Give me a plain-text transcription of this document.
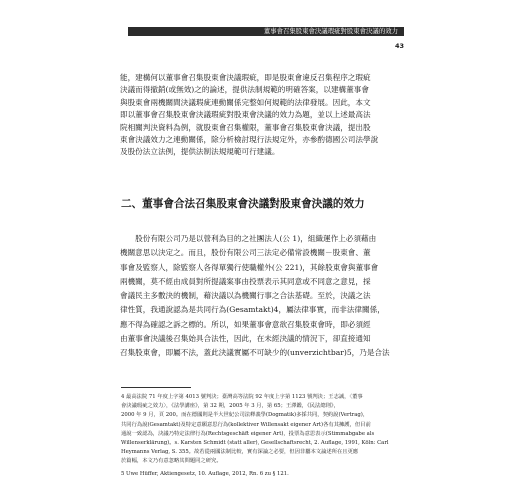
董事會召集股東會決議瑕疵對股東會決議的效力
43
能，建構何以董事會召集股東會決議瑕疵，即是股東會違反召集程序之瑕疵
決議而得撤銷(或無效)之的論述，提供法制規範的明確答案，以建構董事會
與股東會兩機關間決議瑕疵連動關係完整如何規範的法律發展。因此，本文
即以董事會召集股東會決議瑕疵對股東會決議的效力為題，並以上述最高法
院相關判決資料為例，就股東會召集權限，董事會召集股東會決議，提出股
東會決議效力之連動關係，除分析檢討現行法規定外，亦參酌德國公司法學說
及股份法立法例，提供法制法規規範可行建議。
二、董事會合法召集股東會決議對股東會決議的效力
　　股份有限公司乃是以營利為目的之社團法人(公 1)，組織運作上必須藉由
機關意思以決定之。而且，股份有限公司三法定必備常設機關－股東會、董
事會及監察人，除監察人各得單獨行使職權外(公 221)，其餘股東會與董事會
兩機關，莫不經由成員對所提議案事由投票表示其同意或不同意之意見，採
會議民主多數決的機制，藉決議以為機關行事之合法基礎。至於，決議之法
律性質，我通說認為是共同行為(Gesamtakt)4，屬法律事實，而非法律關係，
應不得為確認之訴之標的。所以，如果董事會意欲召集股東會時，即必須經
由董事會決議後召集始具合法性，因此，在未經決議的情況下，卻直接通知
召集股東會，即屬不法，蓋此決議實屬不可缺少的(unverzichtbar)5，乃是合法
4 最高法院 71 年度上字第 4013 號判決；臺灣高等法院 92 年度上字第 1123 號判決；王志誠，〈董事
會決議瑕疵之效力〉，《法學講座》，第 32 期，2005 年 3 月，第 65；王澤鑑，《民法總則》，
2000 年 9 月，頁 200。而在德國則是半大世紀公司法釋義學(Dogmatik)多採共同，契約說(Vertrag)，
共同行為說(Gesamtakt)及特定意願意思行為(kollektiver Willensakt eigener Art)各有其擁護，但目前
通說一致認為，決議乃特定法律行為(Rechtsgeschäft eigener Art)，投票為意思表示(Stimmabgabe als
Willenserklärung)。s. Karsten Schmidt (statt aller), Gesellschaftsrecht, 2. Auflage, 1991, Köln: Carl
Heymanns Verlag, S. 355。故若從兩國法制比較，實有深論之必要，但因非屬本文論述所在且更應
於篇幅，本文乃有意忽略其問題同之研究。
5 Uwe Hüffer, Aktiengesetz, 10. Auflage, 2012, Rn. 6 zu § 121.
